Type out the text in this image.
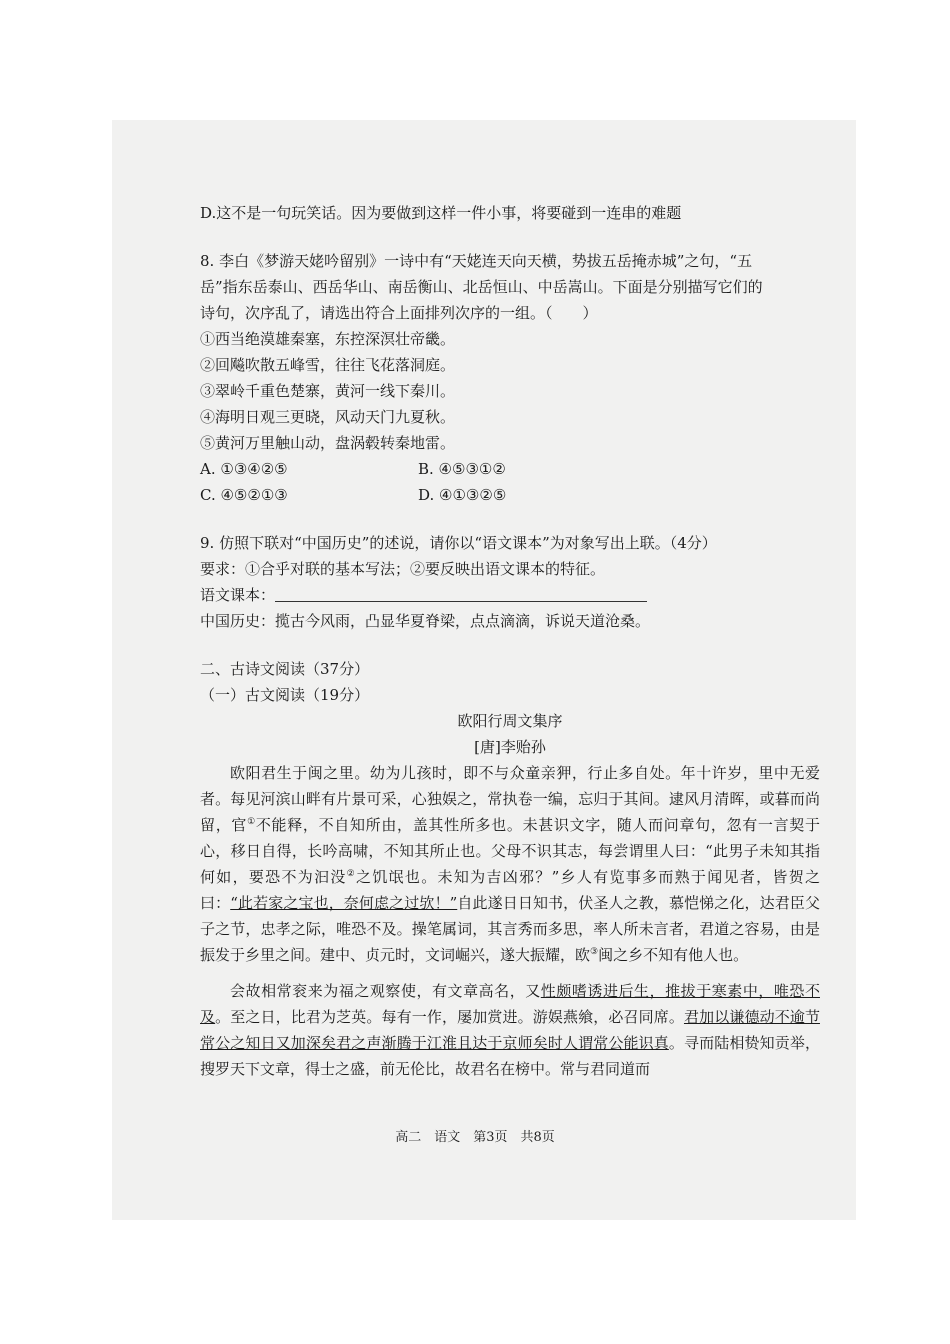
D.这不是一句玩笑话。因为要做到这样一件小事，将要碰到一连串的难题
8. 李白《梦游天姥吟留别》一诗中有“天姥连天向天横，势拔五岳掩赤城”之句，“五
岳”指东岳泰山、西岳华山、南岳衡山、北岳恒山、中岳嵩山。下面是分别描写它们的
诗句，次序乱了，请选出符合上面排列次序的一组。（　　）
①西当绝漠雄秦塞，东控深溟壮帝畿。
②回飚吹散五峰雪，往往飞花落洞庭。
③翠岭千重色楚寨，黄河一线下秦川。
④海明日观三更晓，风动天门九夏秋。
⑤黄河万里触山动，盘涡毂转秦地雷。
A. ①③④②⑤	B. ④⑤③①②
C. ④⑤②①③	D. ④①③②⑤
9. 仿照下联对“中国历史”的述说，请你以“语文课本”为对象写出上联。（4分）
要求：①合乎对联的基本写法；②要反映出语文课本的特征。
语文课本：
中国历史：揽古今风雨，凸显华夏脊梁，点点滴滴，诉说天道沧桑。
二、古诗文阅读（37分）
（一）古文阅读（19分）
欧阳行周文集序
[唐]李贻孙
欧阳君生于闽之里。幼为儿孩时，即不与众童亲狎，行止多自处。年十许岁，里中无爱者。每见河滨山畔有片景可采，心独娱之，常执卷一编，忘归于其间。逮风月清晖，或暮而尚留，官①不能释，不自知所由，盖其性所多也。未甚识文字，随人而问章句，忽有一言契于心，移日自得，长吟高啸，不知其所止也。父母不识其志，每尝谓里人曰：“此男子未知其指何如，要恐不为汩没②之饥氓也。未知为吉凶邪？”乡人有览事多而熟于闻见者，皆贺之曰：“此若家之宝也，奈何虑之过欤！”自此遂日日知书，伏圣人之教，慕恺悌之化，达君臣父子之节，忠孝之际，唯恐不及。操笔属词，其言秀而多思，率人所未言者，君道之容易，由是振发于乡里之间。建中、贞元时，文词崛兴，遂大振耀，欧③闽之乡不知有他人也。
会故相常衮来为福之观察使，有文章高名，又性颇嗜诱进后生，推拔于寒素中，唯恐不及。至之日，比君为芝英。每有一作，屡加赏进。游娱燕飨，必召同席。君加以谦德动不逾节常公之知日又加深矣君之声渐腾于江淮且达于京师矣时人谓常公能识真。寻而陆相贽知贡举，搜罗天下文章，得士之盛，前无伦比，故君名在榜中。常与君同道而
高二　语文　第3页　共8页
